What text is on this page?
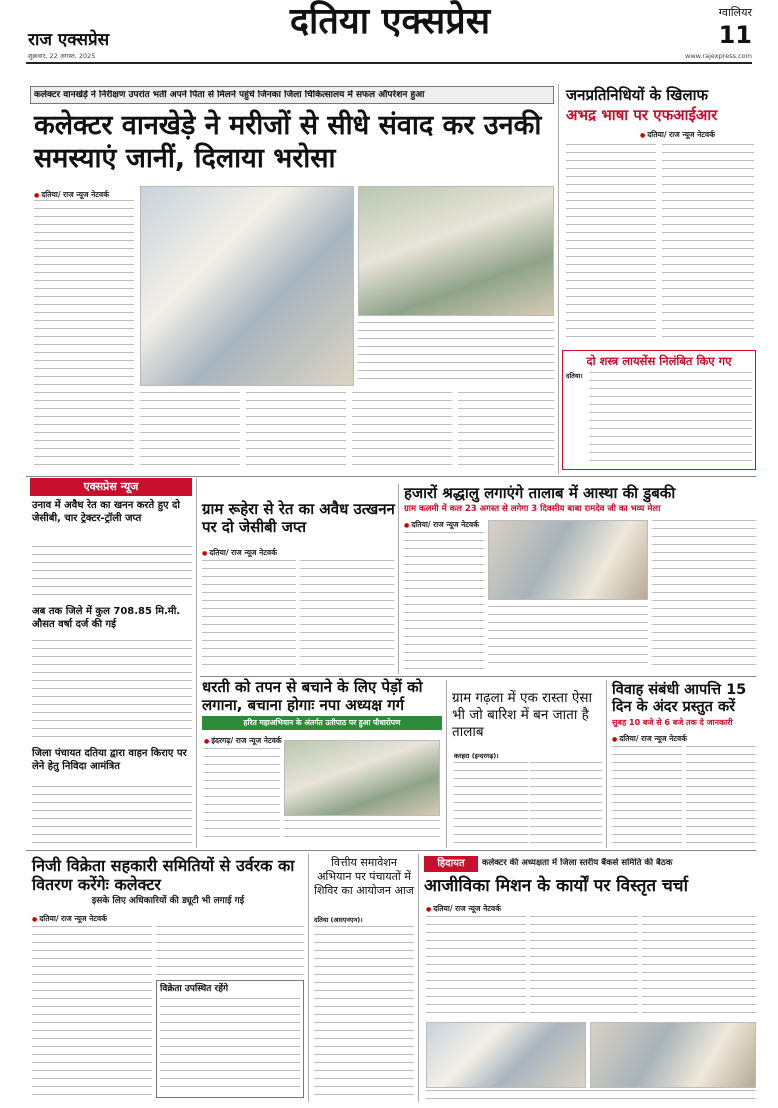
राज एक्सप्रेस
शुक्रवार, 22 अगस्त, 2025
दतिया एक्सप्रेस	ग्वालियर
11
www.rajexpress.com
कलेक्टर वानखेड़े ने निरीक्षण उपरांत भर्ती अपने पिता से मिलने पहुंचे जिनका जिला चिकित्सालय में सफल ऑपरेशन हुआ
कलेक्टर वानखेड़े ने मरीजों से सीधे संवाद कर उनकी समस्याएं जानीं, दिलाया भरोसा
● दतिया/ राज न्यूज नेटवर्क
जनप्रतिनिधियों के खिलाफ
अभद्र भाषा पर एफआईआर
● दतिया/ राज न्यूज नेटवर्क
दो शस्त्र लायसेंस निलंबित किए गए
दतिया।
एक्सप्रेस न्यूज
उनाव में अवैध रेत का खनन करते हुए दो जेसीबी, चार ट्रेक्टर-ट्रॉली जप्त
अब तक जिले में कुल 708.85 मि.मी. औसत वर्षा दर्ज की गई
जिला पंचायत दतिया द्वारा वाहन किराए पर लेने हेतु निविदा आमंत्रित
ग्राम रूहेरा से रेत का अवैध उत्खनन पर दो जेसीबी जप्त
● दतिया/ राज न्यूज नेटवर्क
हजारों श्रद्धालु लगाएंगे तालाब में आस्था की डुबकी
ग्राम कलमी में कल 23 अगस्त से लगेगा 3 दिवसीय बाबा रामदेव जी का भव्य मेला
● दतिया/ राज न्यूज नेटवर्क
धरती को तपन से बचाने के लिए पेड़ों को लगाना, बचाना होगाः नपा अध्यक्ष गर्ग
हरित महाअभियान के अंतर्गत उतीपाठ पर हुआ पौधारोपण
● इंदरगढ़/ राज न्यूज नेटवर्क
ग्राम गढ़ला में एक रास्ता ऐसा भी जो बारिश में बन जाता है तालाब
करहरा (इन्दरगढ़)।
विवाह संबंधी आपत्ति 15 दिन के अंदर प्रस्तुत करें
सुबह 10 बजे से 6 बजे तक दे जानकारी
● दतिया/ राज न्यूज नेटवर्क
निजी विक्रेता सहकारी समितियों से उर्वरक का वितरण करेंगेः कलेक्टर
इसके लिए अधिकारियों की ड्यूटी भी लगाई गई
● दतिया/ राज न्यूज नेटवर्क
विक्रेता उपस्थित रहेंगे
वित्तीय समावेशन अभियान पर पंचायतों में शिविर का आयोजन आज
दतिया (आरएनएन)।
हिदायत	कलेक्टर की अध्यक्षता में जिला स्तरीय बैंकर्स समिति की बैठक
आजीविका मिशन के कार्यों पर विस्तृत चर्चा
● दतिया/ राज न्यूज नेटवर्क
